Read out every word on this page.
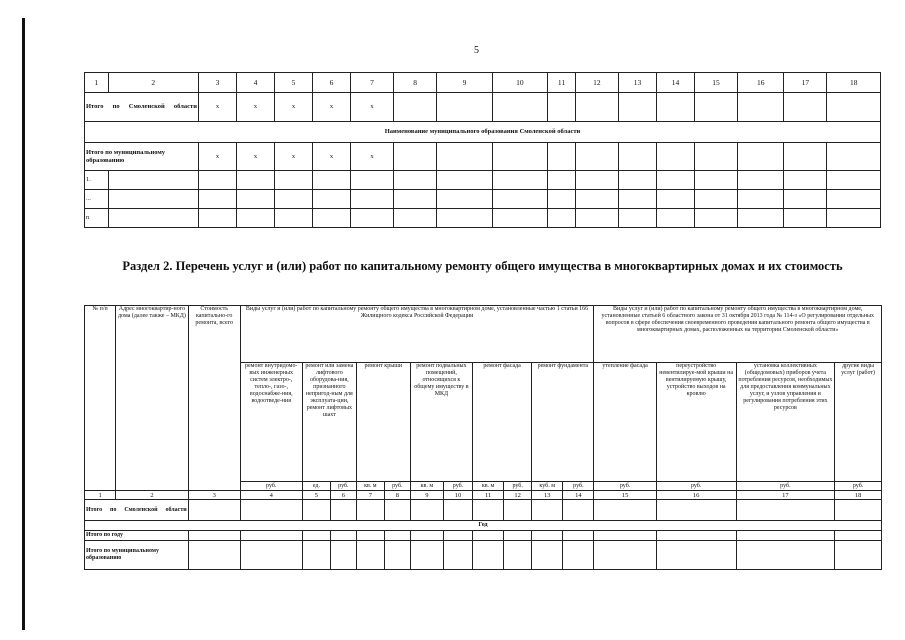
5
1	2	3	4	5	6	7	8	9	10	11	12	13	14	15	16	17	18
Итого по Смоленской области		x	x	x	x	x											
Наименование муниципального образования Смоленской области																	
Итого по муниципальному образованию		x	x	x	x	x											
1.																	
...																	
n																	
Раздел 2. Перечень услуг и (или) работ по капитальному ремонту общего имущества в многоквартирных домах и их стоимость
№ п/п	Адрес многоквартир-ного дома (далее также – МКД)	Стоимость капитально-го ремонта, всего	Виды услуг и (или) работ по капитальному ремонту общего имущества в многоквартирном доме, установленные частью 1 статьи 166 Жилищного кодекса Российской Федерации											Виды услуг и (или) работ по капитальному ремонту общего имущества в многоквартирном доме, установленные статьей 6 областного закона от 31 октября 2013 года № 114-з «О регулировании отдельных вопросов в сфере обеспечения своевременного проведения капитального ремонта общего имущества в многоквартирных домах, расположенных на территории Смоленской области»			
			ремонт внутридомо-вых инженерных систем электро-, тепло-, газо-, водоснабже-ния, водоотведе-ния	ремонт или замена лифтового оборудова-ния, признанного непригод-ным для эксплуата-ции, ремонт лифтовых шахт		ремонт крыши		ремонт подвальных помещений, относящихся к общему имуществу в МКД		ремонт фасада		ремонт фундамента		утепление фасада	переустройство невентилируе-мой крыши на вентилируемую крышу, устройство выходов на кровлю	установка коллективных (общедомовых) приборов учета потребления ресурсов, необходимых для предоставления коммунальных услуг, и узлов управления и регулирования потребления этих ресурсов	другие виды услуг (работ)
			руб.	ед.	руб.	кв. м	руб.	кв. м	руб.	кв. м	руб.	куб. м	руб.	руб.	руб.	руб.	руб.
1	2	3	4	5	6	7	8	9	10	11	12	13	14	15	16	17	18
Итого по Смоленской области																	
Год																	
Итого по году																	
Итого по муниципальному образованию																	
